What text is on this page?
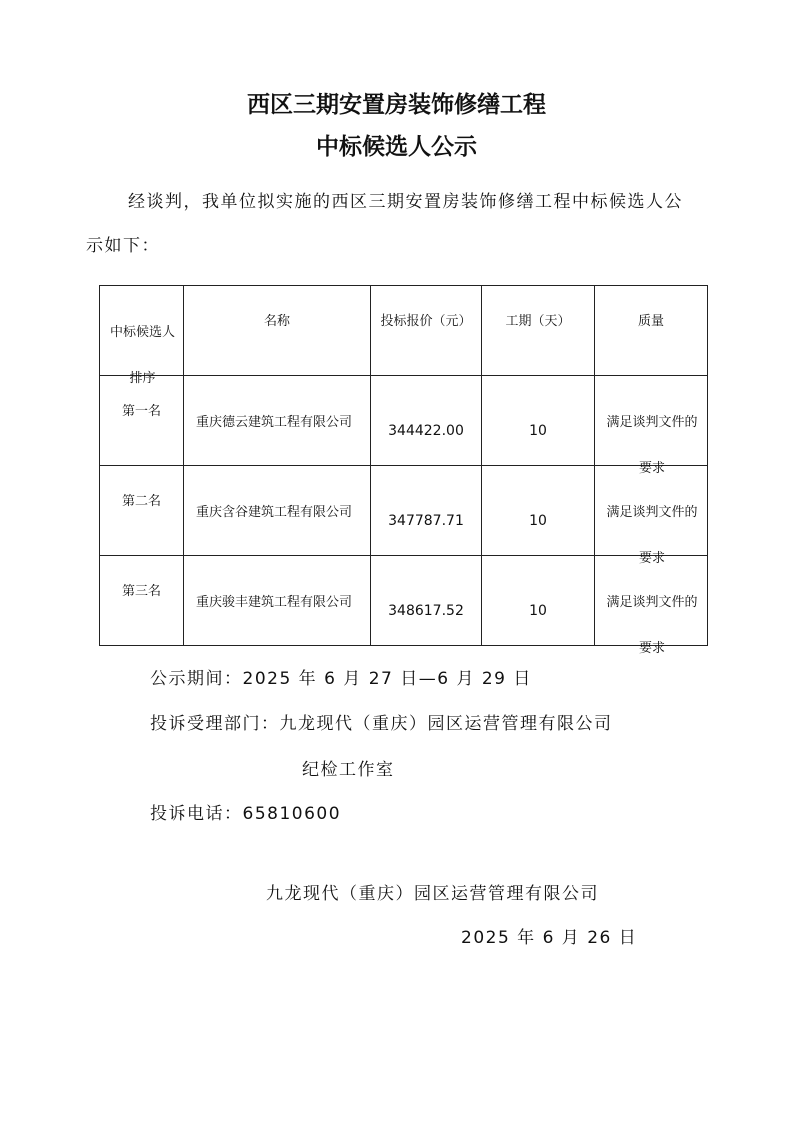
西区三期安置房装饰修缮工程
中标候选人公示
经谈判，我单位拟实施的西区三期安置房装饰修缮工程中标候选人公
示如下：
中标候选人排序	名称	投标报价（元）	工期（天）	质量

第一名	重庆德云建筑工程有限公司	344422.00	10	满足谈判文件的要求

第二名	重庆含谷建筑工程有限公司	347787.71	10	满足谈判文件的要求

第三名	重庆骏丰建筑工程有限公司	348617.52	10	满足谈判文件的要求
公示期间：2025 年 6 月 27 日—6 月 29 日
投诉受理部门：九龙现代（重庆）园区运营管理有限公司
纪检工作室
投诉电话：65810600
九龙现代（重庆）园区运营管理有限公司
2025 年 6 月 26 日
